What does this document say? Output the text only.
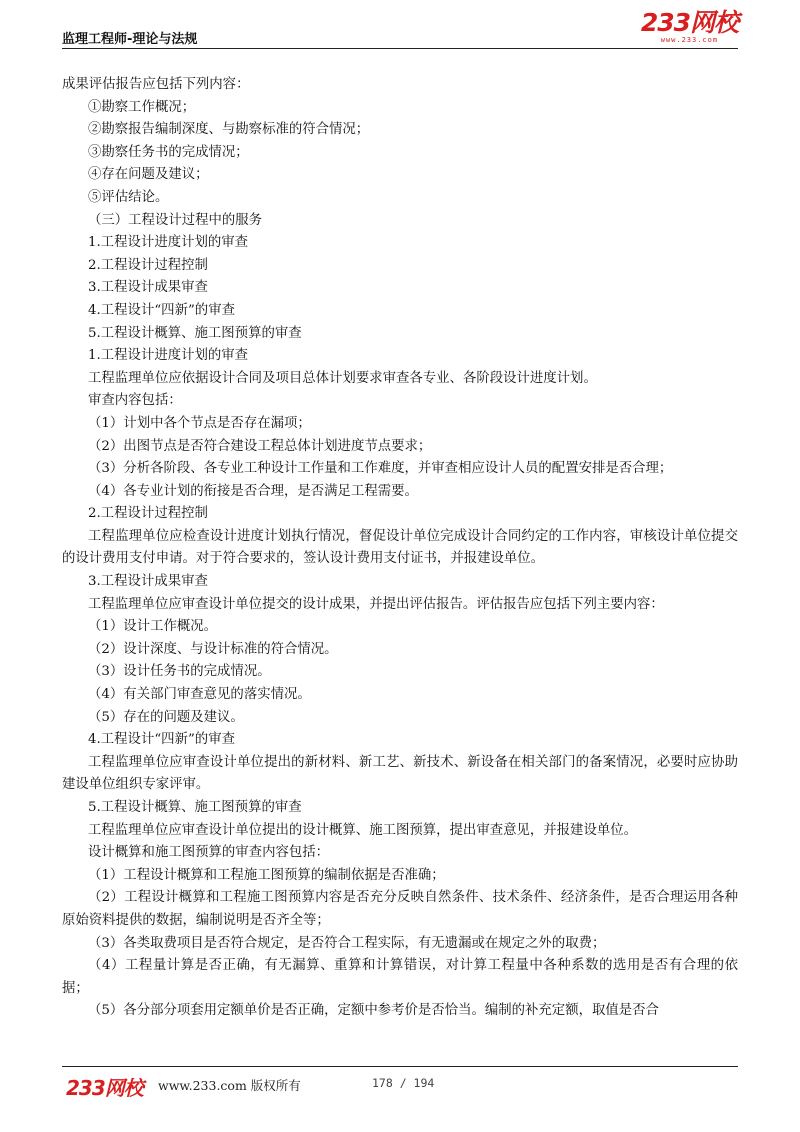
监理工程师-理论与法规
233网校
www.233.com

成果评估报告应包括下列内容：

①勘察工作概况；

②勘察报告编制深度、与勘察标准的符合情况；

③勘察任务书的完成情况；

④存在问题及建议；

⑤评估结论。

（三）工程设计过程中的服务

1.工程设计进度计划的审查

2.工程设计过程控制

3.工程设计成果审查

4.工程设计“四新”的审查

5.工程设计概算、施工图预算的审查

1.工程设计进度计划的审查

工程监理单位应依据设计合同及项目总体计划要求审查各专业、各阶段设计进度计划。

审查内容包括：

（1）计划中各个节点是否存在漏项；

（2）出图节点是否符合建设工程总体计划进度节点要求；

（3）分析各阶段、各专业工种设计工作量和工作难度，并审查相应设计人员的配置安排是否合理；

（4）各专业计划的衔接是否合理，是否满足工程需要。

2.工程设计过程控制

工程监理单位应检查设计进度计划执行情况，督促设计单位完成设计合同约定的工作内容，审核设计单位提交的设计费用支付申请。对于符合要求的，签认设计费用支付证书，并报建设单位。

3.工程设计成果审查

工程监理单位应审查设计单位提交的设计成果，并提出评估报告。评估报告应包括下列主要内容：

（1）设计工作概况。

（2）设计深度、与设计标准的符合情况。

（3）设计任务书的完成情况。

（4）有关部门审查意见的落实情况。

（5）存在的问题及建议。

4.工程设计“四新”的审查

工程监理单位应审查设计单位提出的新材料、新工艺、新技术、新设备在相关部门的备案情况，必要时应协助建设单位组织专家评审。

5.工程设计概算、施工图预算的审查

工程监理单位应审查设计单位提出的设计概算、施工图预算，提出审查意见，并报建设单位。

设计概算和施工图预算的审查内容包括：

（1）工程设计概算和工程施工图预算的编制依据是否准确；

（2）工程设计概算和工程施工图预算内容是否充分反映自然条件、技术条件、经济条件，是否合理运用各种原始资料提供的数据，编制说明是否齐全等；

（3）各类取费项目是否符合规定，是否符合工程实际，有无遗漏或在规定之外的取费；

（4）工程量计算是否正确，有无漏算、重算和计算错误，对计算工程量中各种系数的选用是否有合理的依据；

（5）各分部分项套用定额单价是否正确，定额中参考价是否恰当。编制的补充定额，取值是否合

233网校 www.233.com 版权所有	178 / 194
